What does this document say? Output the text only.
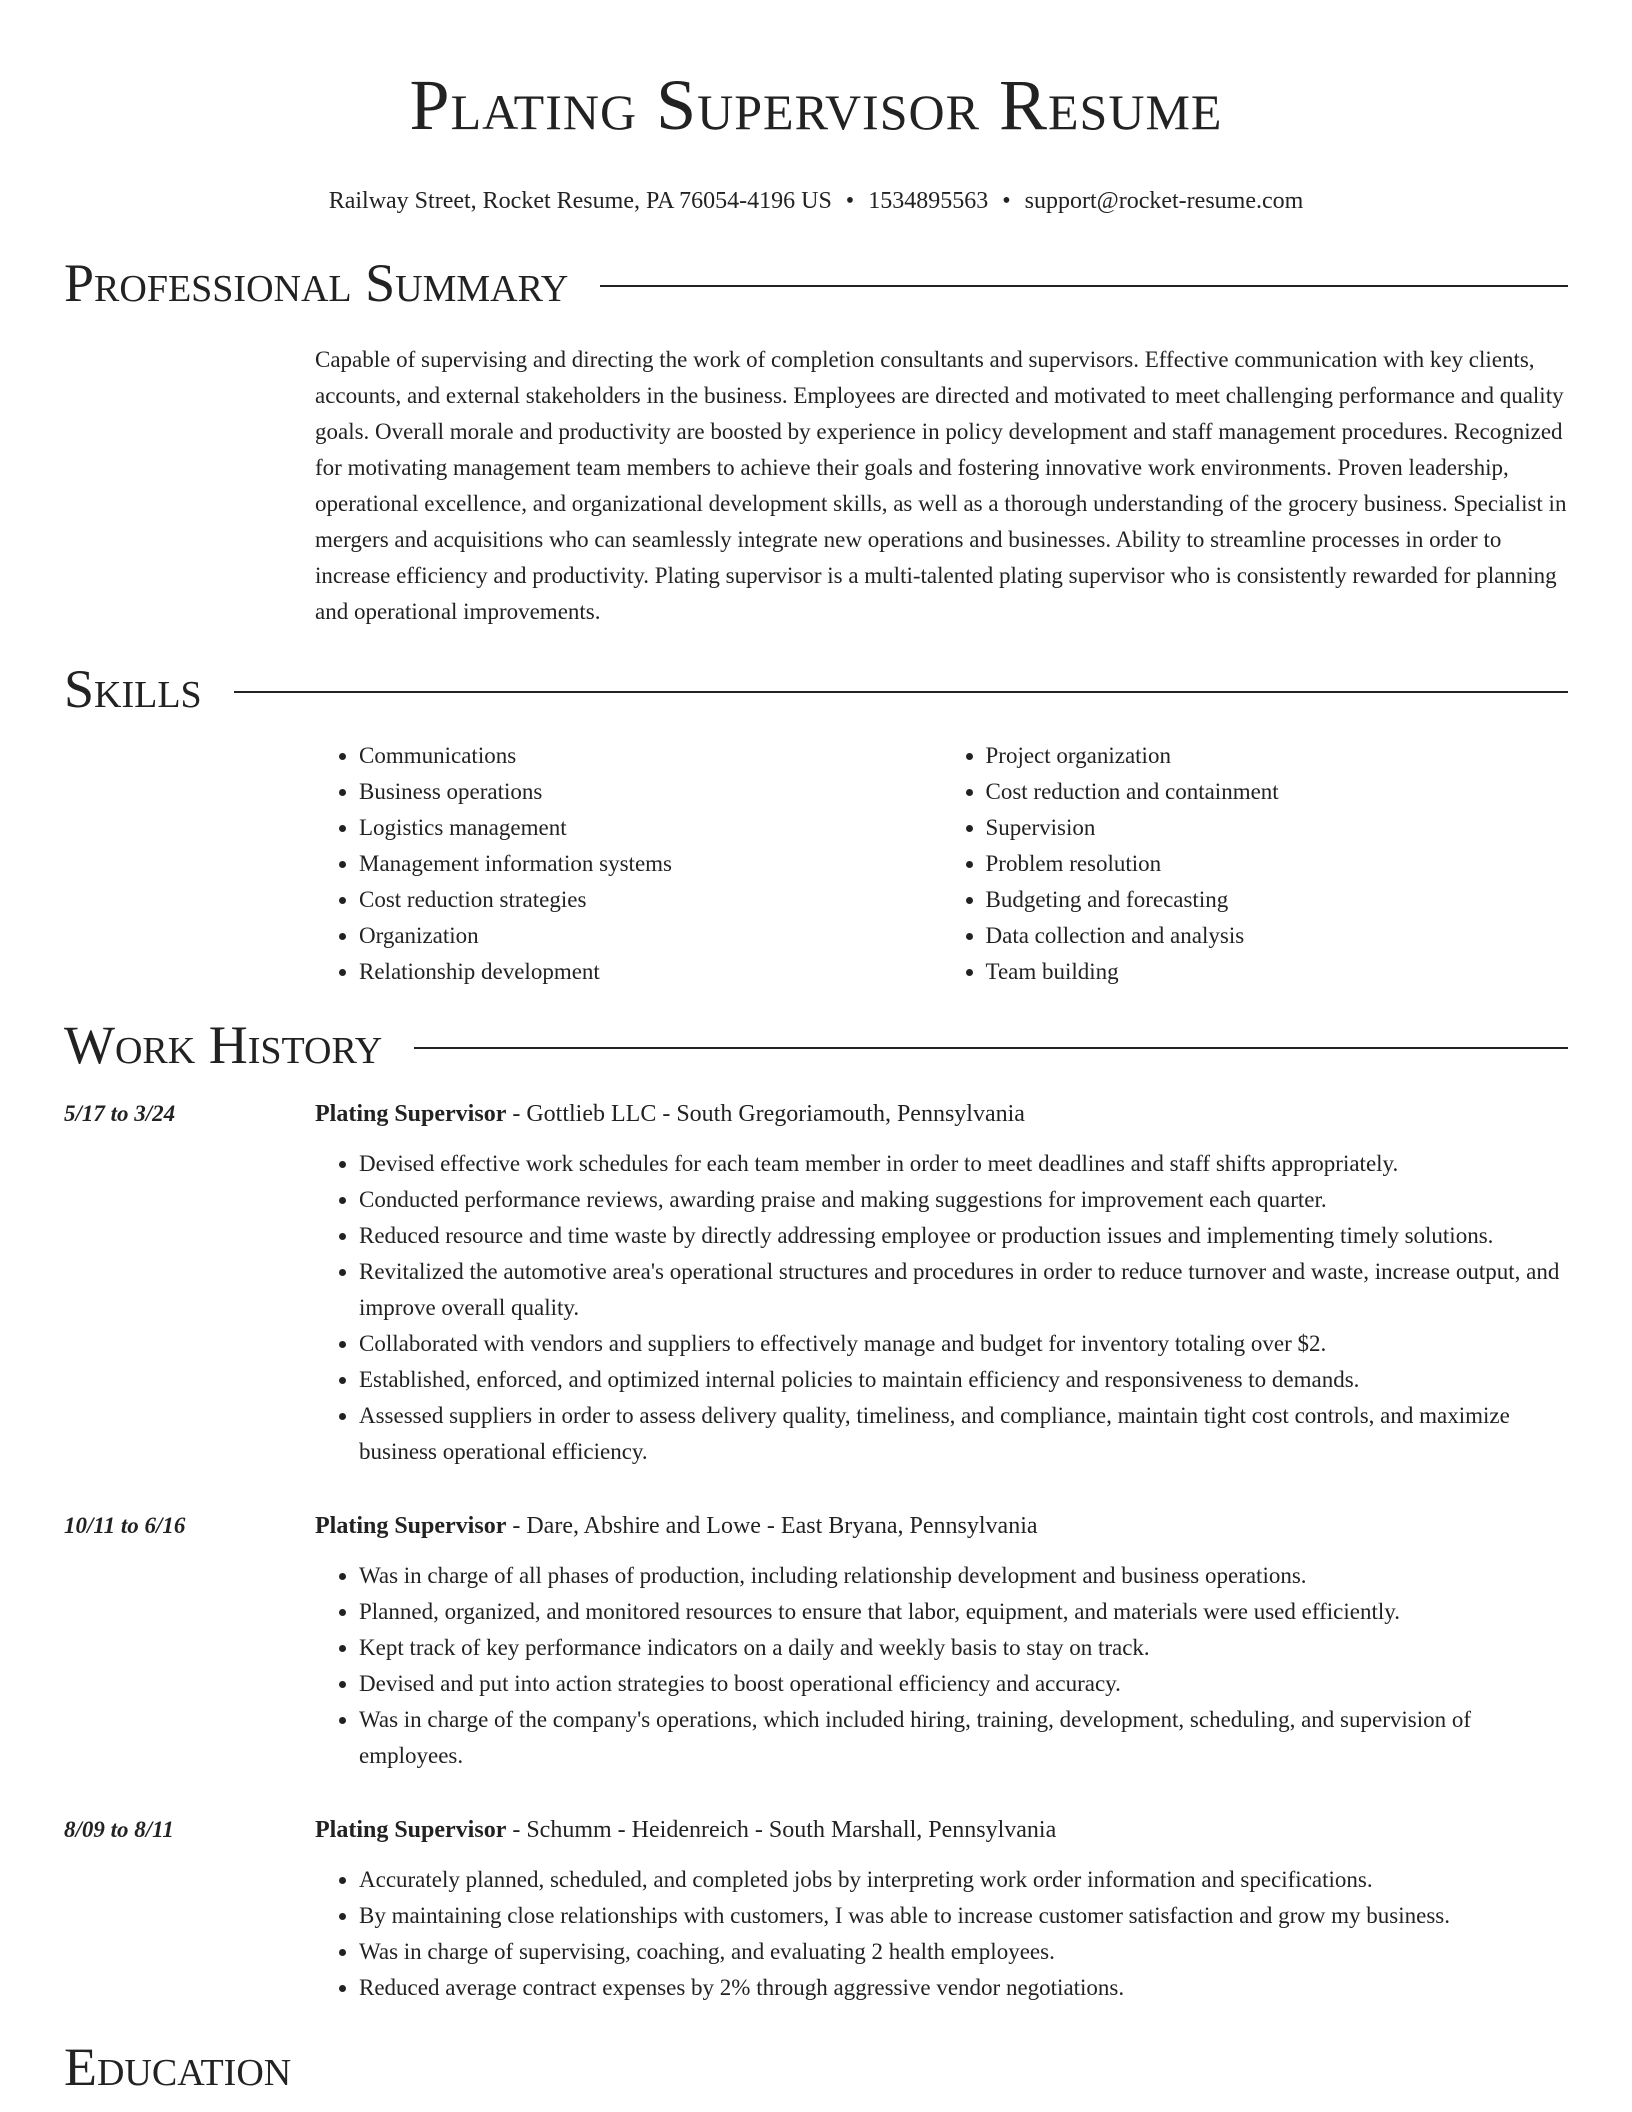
Plating Supervisor Resume
Railway Street, Rocket Resume, PA 76054-4196 US • 1534895563 • support@rocket-resume.com
Professional Summary
Capable of supervising and directing the work of completion consultants and supervisors. Effective communication with key clients, accounts, and external stakeholders in the business. Employees are directed and motivated to meet challenging performance and quality goals. Overall morale and productivity are boosted by experience in policy development and staff management procedures. Recognized for motivating management team members to achieve their goals and fostering innovative work environments. Proven leadership, operational excellence, and organizational development skills, as well as a thorough understanding of the grocery business. Specialist in mergers and acquisitions who can seamlessly integrate new operations and businesses. Ability to streamline processes in order to increase efficiency and productivity. Plating supervisor is a multi-talented plating supervisor who is consistently rewarded for planning and operational improvements.
Skills
• Communications
• Business operations
• Logistics management
• Management information systems
• Cost reduction strategies
• Organization
• Relationship development
• Project organization
• Cost reduction and containment
• Supervision
• Problem resolution
• Budgeting and forecasting
• Data collection and analysis
• Team building
Work History
5/17 to 3/24	Plating Supervisor - Gottlieb LLC - South Gregoriamouth, Pennsylvania
• Devised effective work schedules for each team member in order to meet deadlines and staff shifts appropriately.
• Conducted performance reviews, awarding praise and making suggestions for improvement each quarter.
• Reduced resource and time waste by directly addressing employee or production issues and implementing timely solutions.
• Revitalized the automotive area's operational structures and procedures in order to reduce turnover and waste, increase output, and improve overall quality.
• Collaborated with vendors and suppliers to effectively manage and budget for inventory totaling over $2.
• Established, enforced, and optimized internal policies to maintain efficiency and responsiveness to demands.
• Assessed suppliers in order to assess delivery quality, timeliness, and compliance, maintain tight cost controls, and maximize business operational efficiency.
10/11 to 6/16	Plating Supervisor - Dare, Abshire and Lowe - East Bryana, Pennsylvania
• Was in charge of all phases of production, including relationship development and business operations.
• Planned, organized, and monitored resources to ensure that labor, equipment, and materials were used efficiently.
• Kept track of key performance indicators on a daily and weekly basis to stay on track.
• Devised and put into action strategies to boost operational efficiency and accuracy.
• Was in charge of the company's operations, which included hiring, training, development, scheduling, and supervision of employees.
8/09 to 8/11	Plating Supervisor - Schumm - Heidenreich - South Marshall, Pennsylvania
• Accurately planned, scheduled, and completed jobs by interpreting work order information and specifications.
• By maintaining close relationships with customers, I was able to increase customer satisfaction and grow my business.
• Was in charge of supervising, coaching, and evaluating 2 health employees.
• Reduced average contract expenses by 2% through aggressive vendor negotiations.
Education
